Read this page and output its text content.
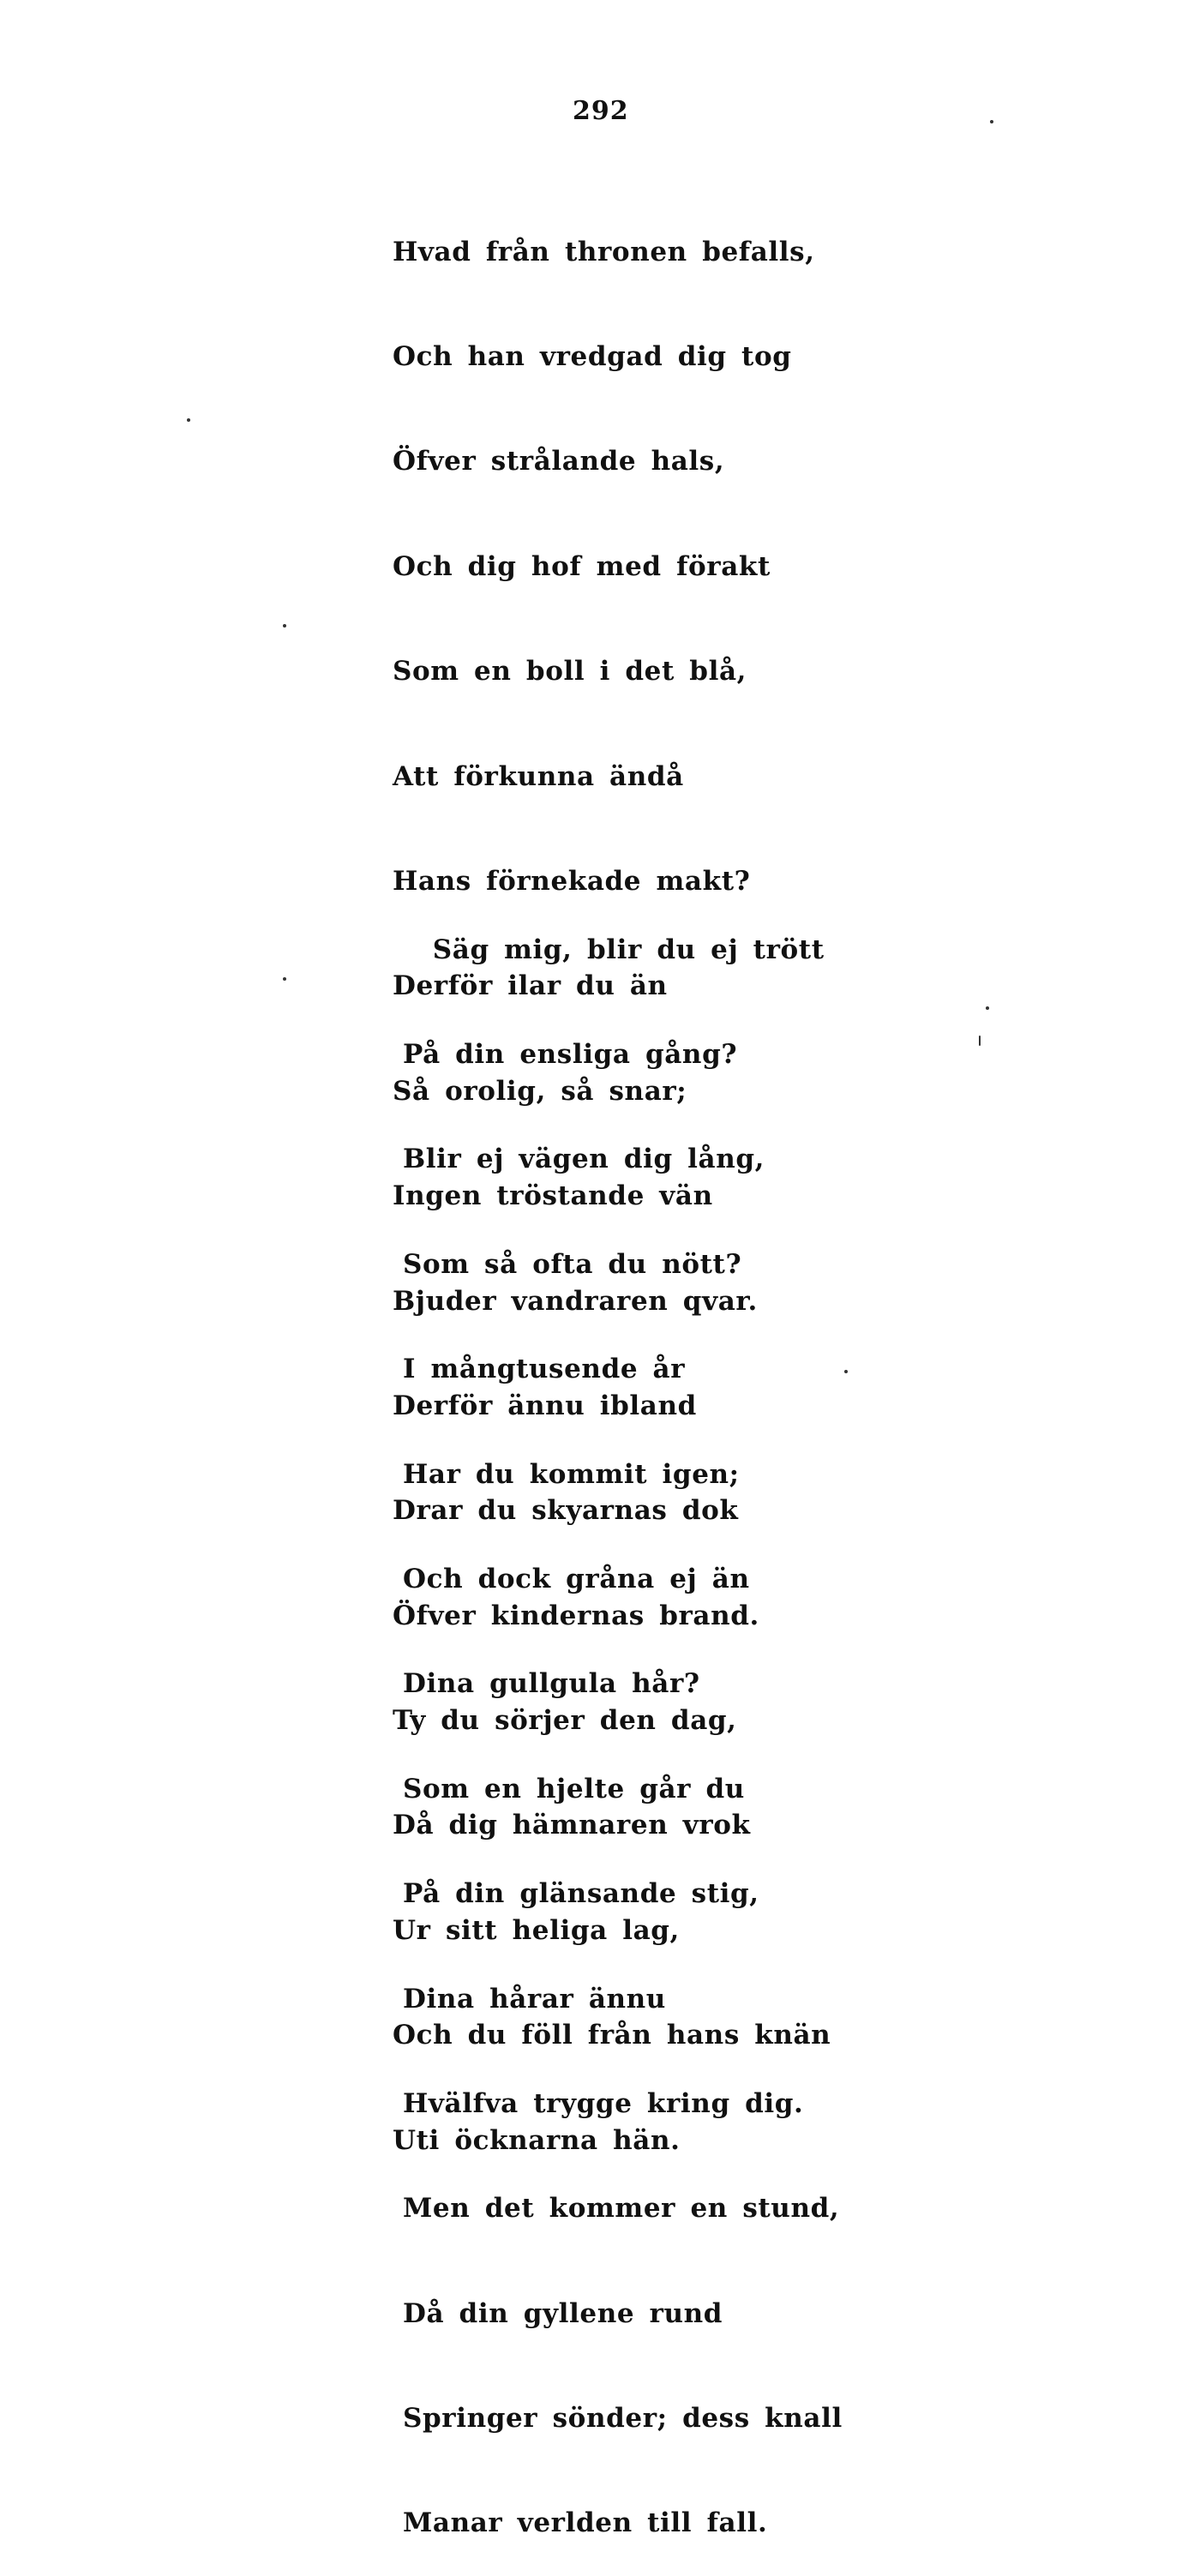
292

Hvad från thronen befalls,

Och han vredgad dig tog

Öfver strålande hals,

Och dig hof med förakt

Som en boll i det blå,

Att förkunna ändå

Hans förnekade makt?

Derför ilar du än

Så orolig, så snar;

Ingen tröstande vän

Bjuder vandraren qvar.

Derför ännu ibland

Drar du skyarnas dok

Öfver kindernas brand.

Ty du sörjer den dag,

Då dig hämnaren vrok

Ur sitt heliga lag,

Och du föll från hans knän

Uti öcknarna hän.

Säg mig, blir du ej trött

På din ensliga gång?

Blir ej vägen dig lång,

Som så ofta du nött?

I mångtusende år

Har du kommit igen;

Och dock gråna ej än

Dina gullgula hår?

Som en hjelte går du

På din glänsande stig,

Dina hårar ännu

Hvälfva trygge kring dig.

Men det kommer en stund,

Då din gyllene rund

Springer sönder; dess knall

Manar verlden till fall.
